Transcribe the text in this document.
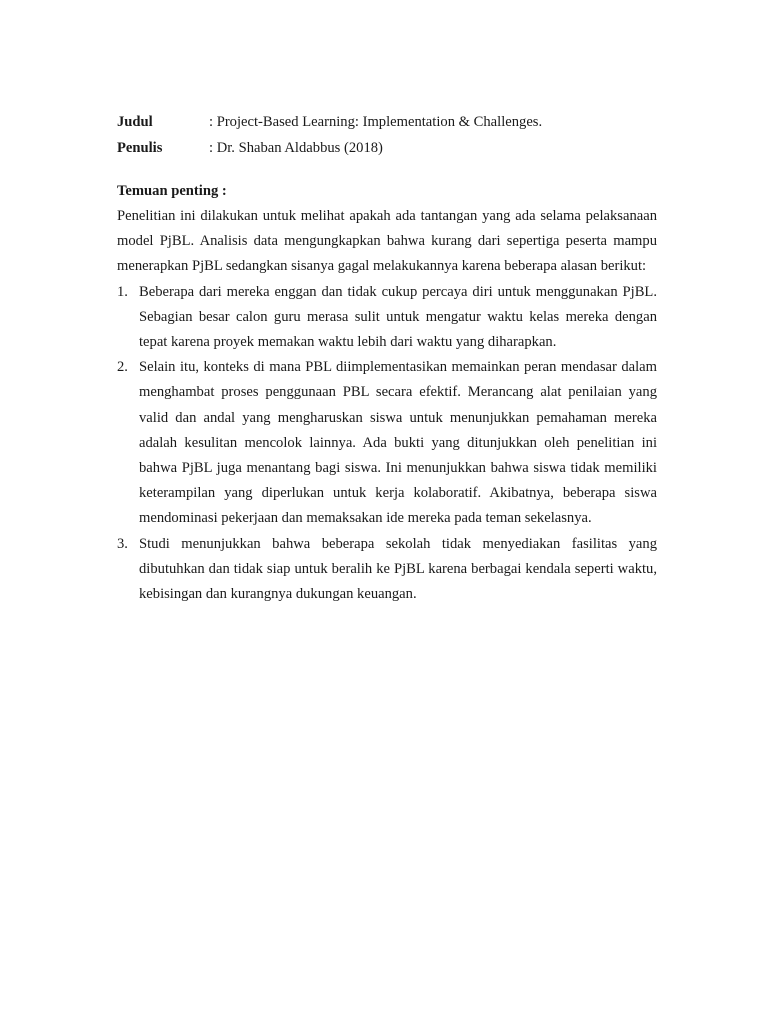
Judul	: Project-Based Learning: Implementation & Challenges.
Penulis	: Dr. Shaban Aldabbus (2018)
Temuan penting :

Penelitian ini dilakukan untuk melihat apakah ada tantangan yang ada selama pelaksanaan model PjBL. Analisis data mengungkapkan bahwa kurang dari sepertiga peserta mampu menerapkan PjBL sedangkan sisanya gagal melakukannya karena beberapa alasan berikut:

1. Beberapa dari mereka enggan dan tidak cukup percaya diri untuk menggunakan PjBL. Sebagian besar calon guru merasa sulit untuk mengatur waktu kelas mereka dengan tepat karena proyek memakan waktu lebih dari waktu yang diharapkan.
2. Selain itu, konteks di mana PBL diimplementasikan memainkan peran mendasar dalam menghambat proses penggunaan PBL secara efektif. Merancang alat penilaian yang valid dan andal yang mengharuskan siswa untuk menunjukkan pemahaman mereka adalah kesulitan mencolok lainnya. Ada bukti yang ditunjukkan oleh penelitian ini bahwa PjBL juga menantang bagi siswa. Ini menunjukkan bahwa siswa tidak memiliki keterampilan yang diperlukan untuk kerja kolaboratif. Akibatnya, beberapa siswa mendominasi pekerjaan dan memaksakan ide mereka pada teman sekelasnya.
3. Studi menunjukkan bahwa beberapa sekolah tidak menyediakan fasilitas yang dibutuhkan dan tidak siap untuk beralih ke PjBL karena berbagai kendala seperti waktu, kebisingan dan kurangnya dukungan keuangan.
